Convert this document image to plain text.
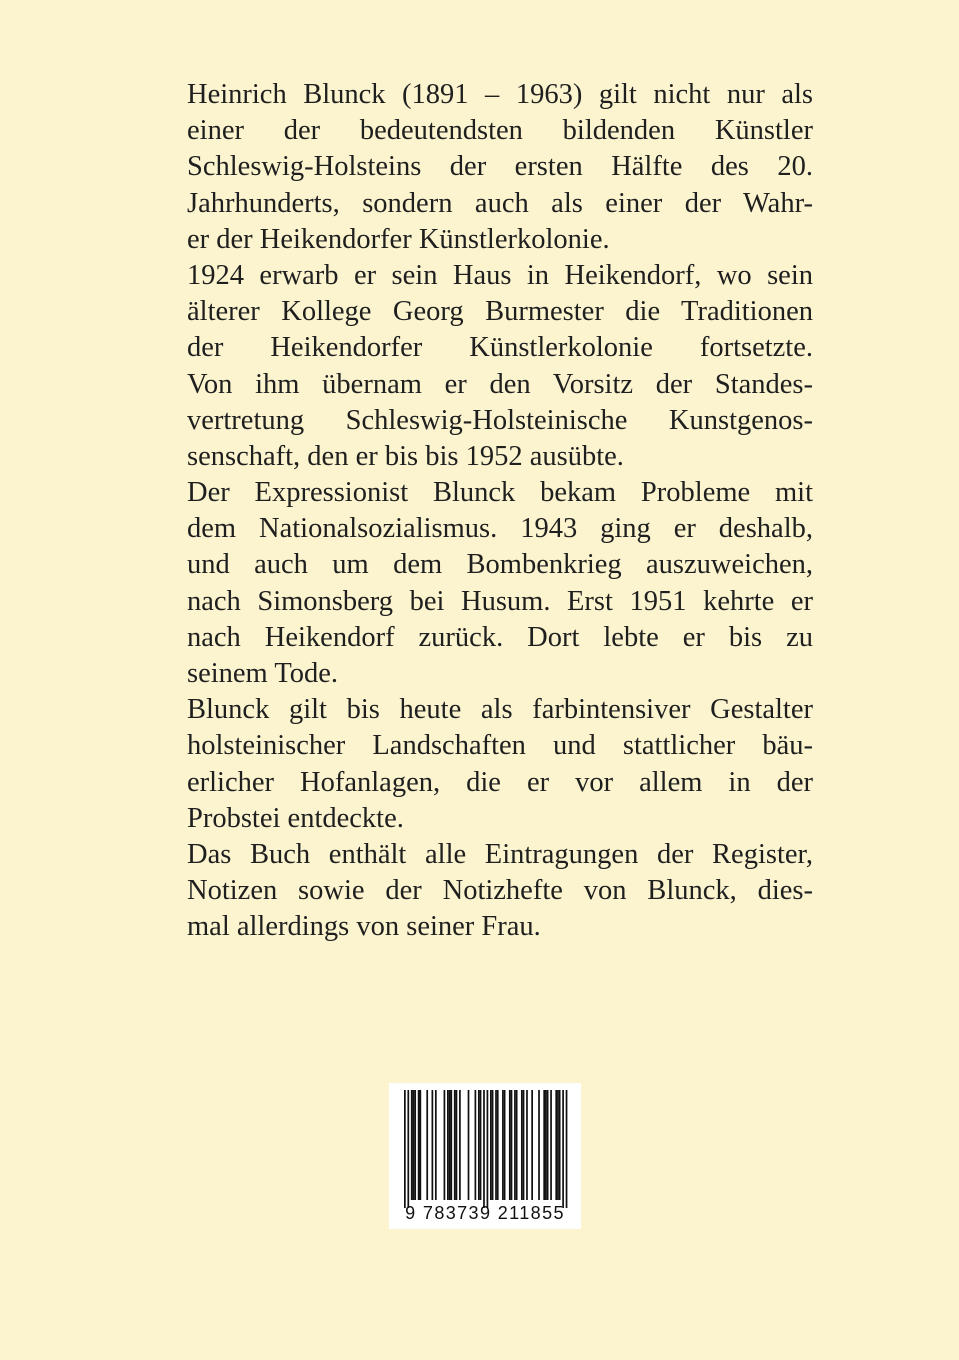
Heinrich Blunck (1891 – 1963) gilt nicht nur als
einer der bedeutendsten bildenden Künstler
Schleswig-Holsteins der ersten Hälfte des 20.
Jahrhunderts, sondern auch als einer der Wahr-
er der Heikendorfer Künstlerkolonie.
1924 erwarb er sein Haus in Heikendorf, wo sein
älterer Kollege Georg Burmester die Traditionen
der Heikendorfer Künstlerkolonie fortsetzte.
Von ihm übernam er den Vorsitz der Standes-
vertretung Schleswig-Holsteinische Kunstgenos-
senschaft, den er bis bis 1952 ausübte.
Der Expressionist Blunck bekam Probleme mit
dem Nationalsozialismus. 1943 ging er deshalb,
und auch um dem Bombenkrieg auszuweichen,
nach Simonsberg bei Husum. Erst 1951 kehrte er
nach Heikendorf zurück. Dort lebte er bis zu
seinem Tode.
Blunck gilt bis heute als farbintensiver Gestalter
holsteinischer Landschaften und stattlicher bäu-
erlicher Hofanlagen, die er vor allem in der
Probstei entdeckte.
Das Buch enthält alle Eintragungen der Register,
Notizen sowie der Notizhefte von Blunck, dies-
mal allerdings von seiner Frau.
9 783739 211855
